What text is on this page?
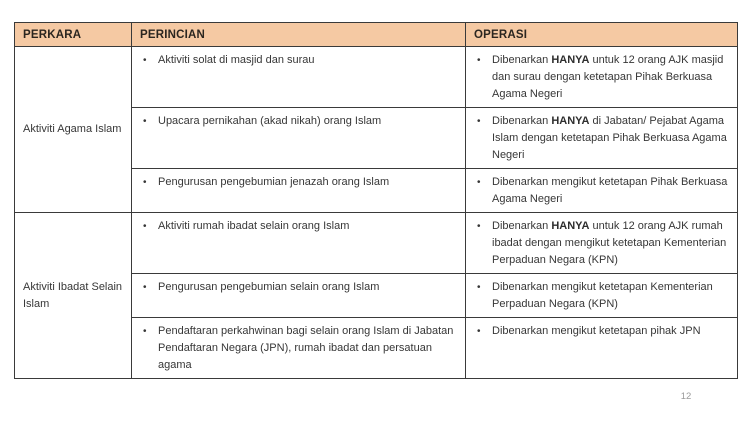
PERKARA	PERINCIAN	OPERASI
Aktiviti Agama Islam	• Aktiviti solat di masjid dan surau	• Dibenarkan HANYA untuk 12 orang AJK masjid dan surau dengan ketetapan Pihak Berkuasa Agama Negeri

	• Upacara pernikahan (akad nikah) orang Islam	• Dibenarkan HANYA di Jabatan/ Pejabat Agama Islam dengan ketetapan Pihak Berkuasa Agama Negeri

	• Pengurusan pengebumian jenazah orang Islam	• Dibenarkan mengikut ketetapan Pihak Berkuasa Agama Negeri

Aktiviti Ibadat Selain Islam	• Aktiviti rumah ibadat selain orang Islam	• Dibenarkan HANYA untuk 12 orang AJK rumah ibadat dengan mengikut ketetapan Kementerian Perpaduan Negara (KPN)

	• Pengurusan pengebumian selain orang Islam	• Dibenarkan mengikut ketetapan Kementerian Perpaduan Negara (KPN)

	• Pendaftaran perkahwinan bagi selain orang Islam di Jabatan Pendaftaran Negara (JPN), rumah ibadat dan persatuan agama	• Dibenarkan mengikut ketetapan pihak JPN
12
